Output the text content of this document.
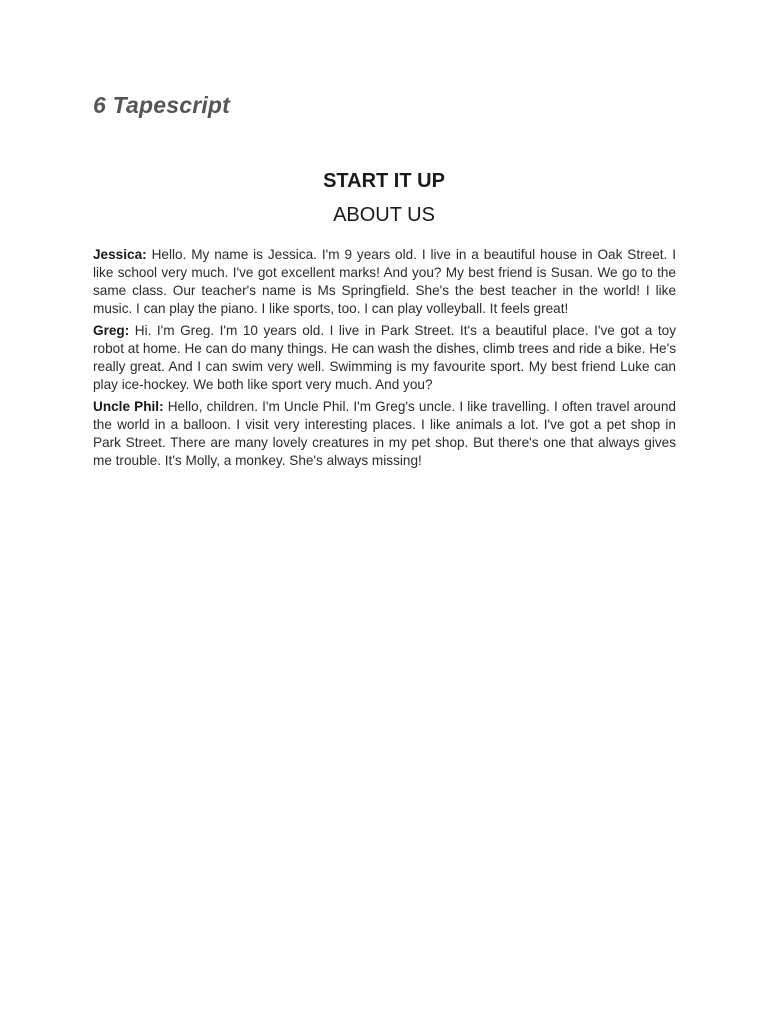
6 Tapescript
START IT UP
ABOUT US

Jessica: Hello. My name is Jessica. I'm 9 years old. I live in a beautiful house in Oak Street. I like school very much. I've got excellent marks! And you? My best friend is Susan. We go to the same class. Our teacher's name is Ms Springfield. She's the best teacher in the world! I like music. I can play the piano. I like sports, too. I can play volleyball. It feels great!

Greg: Hi. I'm Greg. I'm 10 years old. I live in Park Street. It's a beautiful place. I've got a toy robot at home. He can do many things. He can wash the dishes, climb trees and ride a bike. He's really great. And I can swim very well. Swimming is my favourite sport. My best friend Luke can play ice-hockey. We both like sport very much. And you?

Uncle Phil: Hello, children. I'm Uncle Phil. I'm Greg's uncle. I like travelling. I often travel around the world in a balloon. I visit very interesting places. I like animals a lot. I've got a pet shop in Park Street. There are many lovely creatures in my pet shop. But there's one that always gives me trouble. It's Molly, a monkey. She's always missing!
